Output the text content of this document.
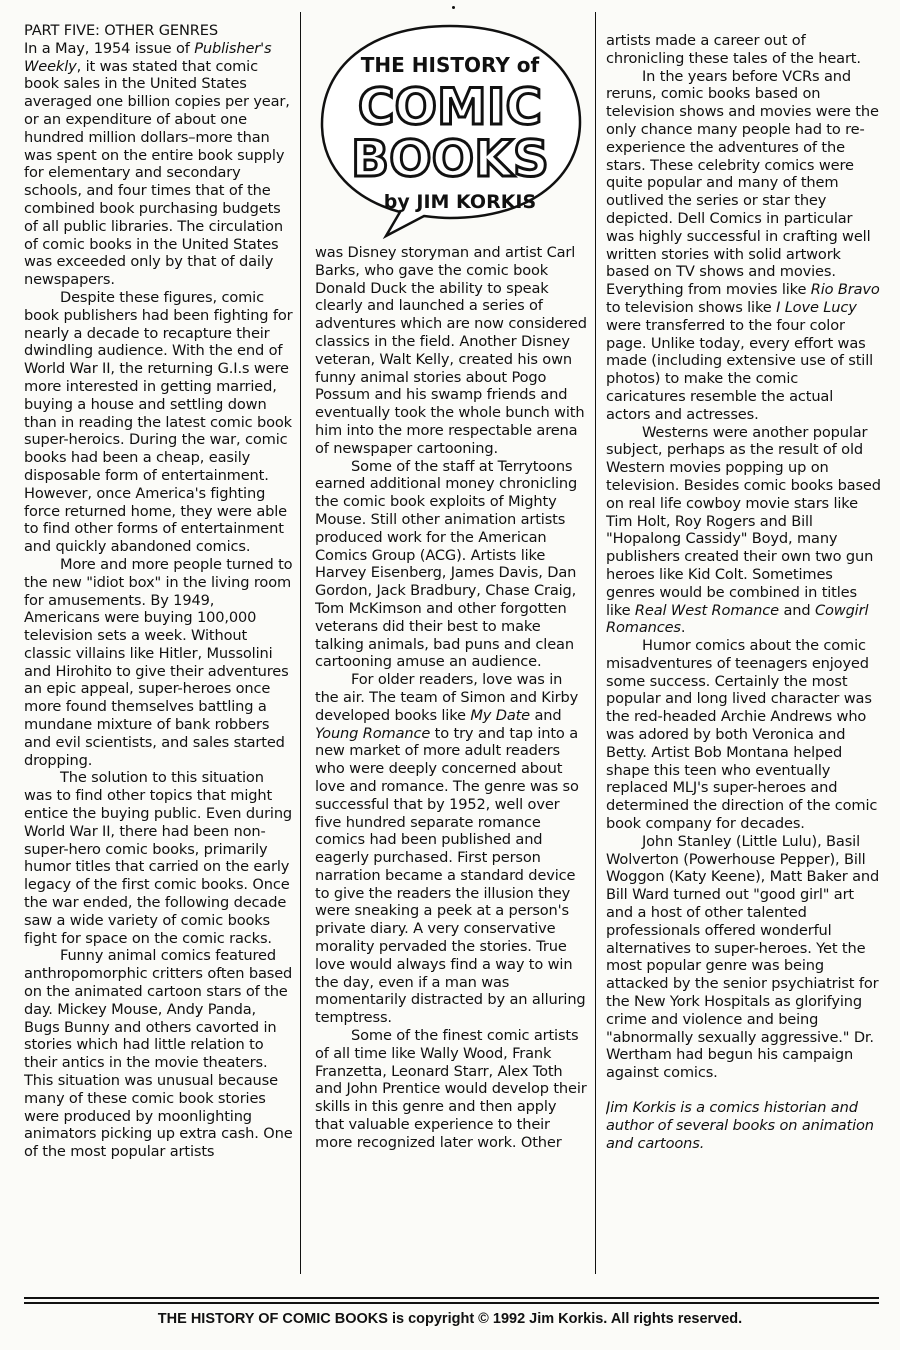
PART FIVE: OTHER GENRES

In a May, 1954 issue of Publisher's Weekly, it was stated that comic book sales in the United States averaged one billion copies per year, or an expenditure of about one hundred million dollars–more than was spent on the entire book supply for elementary and secondary schools, and four times that of the combined book purchasing budgets of all public libraries. The circulation of comic books in the United States was exceeded only by that of daily newspapers.

Despite these figures, comic book publishers had been fighting for nearly a decade to recapture their dwindling audience. With the end of World War II, the returning G.I.s were more interested in getting married, buying a house and settling down than in reading the latest comic book super-heroics. During the war, comic books had been a cheap, easily disposable form of entertainment. However, once America's fighting force returned home, they were able to find other forms of entertainment and quickly abandoned comics.

More and more people turned to the new "idiot box" in the living room for amusements. By 1949, Americans were buying 100,000 television sets a week. Without classic villains like Hitler, Mussolini and Hirohito to give their adventures an epic appeal, super-heroes once more found themselves battling a mundane mixture of bank robbers and evil scientists, and sales started dropping.

The solution to this situation was to find other topics that might entice the buying public. Even during World War II, there had been non-super-hero comic books, primarily humor titles that carried on the early legacy of the first comic books. Once the war ended, the following decade saw a wide variety of comic books fight for space on the comic racks.

Funny animal comics featured anthropomorphic critters often based on the animated cartoon stars of the day. Mickey Mouse, Andy Panda, Bugs Bunny and others cavorted in stories which had little relation to their antics in the movie theaters. This situation was unusual because many of these comic book stories were produced by moonlighting animators picking up extra cash. One of the most popular artists

THE HISTORY of
COMIC
BOOKS
by JIM KORKIS

was Disney storyman and artist Carl Barks, who gave the comic book Donald Duck the ability to speak clearly and launched a series of adventures which are now considered classics in the field. Another Disney veteran, Walt Kelly, created his own funny animal stories about Pogo Possum and his swamp friends and eventually took the whole bunch with him into the more respectable arena of newspaper cartooning.

Some of the staff at Terrytoons earned additional money chronicling the comic book exploits of Mighty Mouse. Still other animation artists produced work for the American Comics Group (ACG). Artists like Harvey Eisenberg, James Davis, Dan Gordon, Jack Bradbury, Chase Craig, Tom McKimson and other forgotten veterans did their best to make talking animals, bad puns and clean cartooning amuse an audience.

For older readers, love was in the air. The team of Simon and Kirby developed books like My Date and Young Romance to try and tap into a new market of more adult readers who were deeply concerned about love and romance. The genre was so successful that by 1952, well over five hundred separate romance comics had been published and eagerly purchased. First person narration became a standard device to give the readers the illusion they were sneaking a peek at a person's private diary. A very conservative morality pervaded the stories. True love would always find a way to win the day, even if a man was momentarily distracted by an alluring temptress.

Some of the finest comic artists of all time like Wally Wood, Frank Franzetta, Leonard Starr, Alex Toth and John Prentice would develop their skills in this genre and then apply that valuable experience to their more recognized later work. Other

artists made a career out of chronicling these tales of the heart.

In the years before VCRs and reruns, comic books based on television shows and movies were the only chance many people had to re-experience the adventures of the stars. These celebrity comics were quite popular and many of them outlived the series or star they depicted. Dell Comics in particular was highly successful in crafting well written stories with solid artwork based on TV shows and movies. Everything from movies like Rio Bravo to television shows like I Love Lucy were transferred to the four color page. Unlike today, every effort was made (including extensive use of still photos) to make the comic caricatures resemble the actual actors and actresses.

Westerns were another popular subject, perhaps as the result of old Western movies popping up on television. Besides comic books based on real life cowboy movie stars like Tim Holt, Roy Rogers and Bill "Hopalong Cassidy" Boyd, many publishers created their own two gun heroes like Kid Colt. Sometimes genres would be combined in titles like Real West Romance and Cowgirl Romances.

Humor comics about the comic misadventures of teenagers enjoyed some success. Certainly the most popular and long lived character was the red-headed Archie Andrews who was adored by both Veronica and Betty. Artist Bob Montana helped shape this teen who eventually replaced MLJ's super-heroes and determined the direction of the comic book company for decades.

John Stanley (Little Lulu), Basil Wolverton (Powerhouse Pepper), Bill Woggon (Katy Keene), Matt Baker and Bill Ward turned out "good girl" art and a host of other talented professionals offered wonderful alternatives to super-heroes. Yet the most popular genre was being attacked by the senior psychiatrist for the New York Hospitals as glorifying crime and violence and being "abnormally sexually aggressive." Dr. Wertham had begun his campaign against comics.

Jim Korkis is a comics historian and author of several books on animation and cartoons.

THE HISTORY OF COMIC BOOKS is copyright © 1992 Jim Korkis. All rights reserved.
